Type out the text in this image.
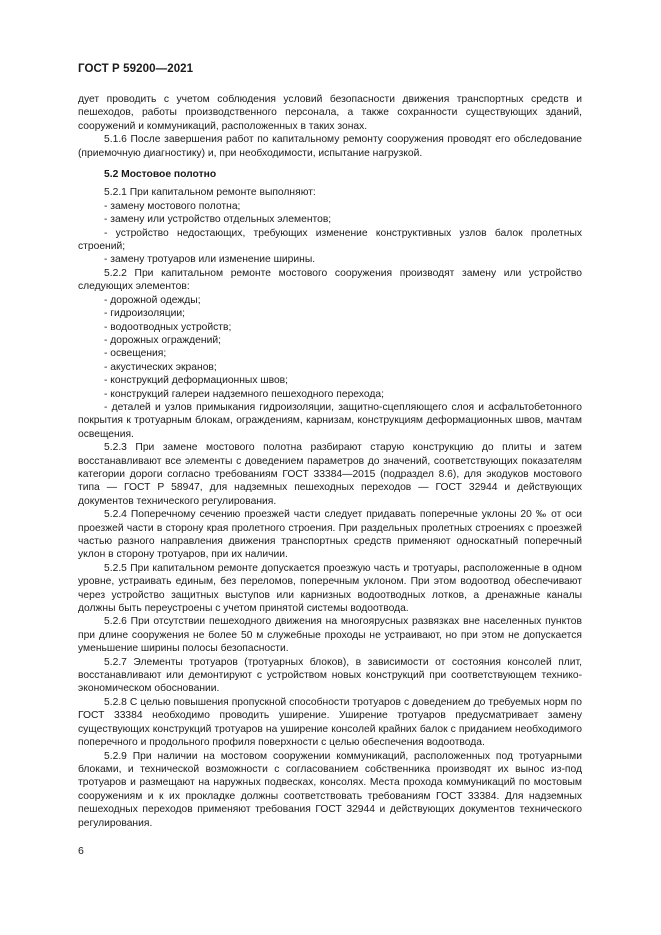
ГОСТ Р 59200—2021

дует проводить с учетом соблюдения условий безопасности движения транспортных средств и пешеходов, работы производственного персонала, а также сохранности существующих зданий, сооружений и коммуникаций, расположенных в таких зонах.

5.1.6 После завершения работ по капитальному ремонту сооружения проводят его обследование (приемочную диагностику) и, при необходимости, испытание нагрузкой.

5.2 Мостовое полотно

5.2.1 При капитальном ремонте выполняют:

- замену мостового полотна;

- замену или устройство отдельных элементов;

- устройство недостающих, требующих изменение конструктивных узлов балок пролетных строений;

- замену тротуаров или изменение ширины.

5.2.2 При капитальном ремонте мостового сооружения производят замену или устройство следующих элементов:

- дорожной одежды;

- гидроизоляции;

- водоотводных устройств;

- дорожных ограждений;

- освещения;

- акустических экранов;

- конструкций деформационных швов;

- конструкций галереи надземного пешеходного перехода;

- деталей и узлов примыкания гидроизоляции, защитно-сцепляющего слоя и асфальтобетонного покрытия к тротуарным блокам, ограждениям, карнизам, конструкциям деформационных швов, мачтам освещения.

5.2.3 При замене мостового полотна разбирают старую конструкцию до плиты и затем восстанавливают все элементы с доведением параметров до значений, соответствующих показателям категории дороги согласно требованиям ГОСТ 33384—2015 (подраздел 8.6), для экодуков мостового типа — ГОСТ Р 58947, для надземных пешеходных переходов — ГОСТ 32944 и действующих документов технического регулирования.

5.2.4 Поперечному сечению проезжей части следует придавать поперечные уклоны 20 ‰ от оси проезжей части в сторону края пролетного строения. При раздельных пролетных строениях с проезжей частью разного направления движения транспортных средств применяют односкатный поперечный уклон в сторону тротуаров, при их наличии.

5.2.5 При капитальном ремонте допускается проезжую часть и тротуары, расположенные в одном уровне, устраивать единым, без переломов, поперечным уклоном. При этом водоотвод обеспечивают через устройство защитных выступов или карнизных водоотводных лотков, а дренажные каналы должны быть переустроены с учетом принятой системы водоотвода.

5.2.6 При отсутствии пешеходного движения на многоярусных развязках вне населенных пунктов при длине сооружения не более 50 м служебные проходы не устраивают, но при этом не допускается уменьшение ширины полосы безопасности.

5.2.7 Элементы тротуаров (тротуарных блоков), в зависимости от состояния консолей плит, восстанавливают или демонтируют с устройством новых конструкций при соответствующем технико-экономическом обосновании.

5.2.8 С целью повышения пропускной способности тротуаров с доведением до требуемых норм по ГОСТ 33384 необходимо проводить уширение. Уширение тротуаров предусматривает замену существующих конструкций тротуаров на уширение консолей крайних балок с приданием необходимого поперечного и продольного профиля поверхности с целью обеспечения водоотвода.

5.2.9 При наличии на мостовом сооружении коммуникаций, расположенных под тротуарными блоками, и технической возможности с согласованием собственника производят их вынос из-под тротуаров и размещают на наружных подвесках, консолях. Места прохода коммуникаций по мостовым сооружениям и к их прокладке должны соответствовать требованиям ГОСТ 33384. Для надземных пешеходных переходов применяют требования ГОСТ 32944 и действующих документов технического регулирования.

6
